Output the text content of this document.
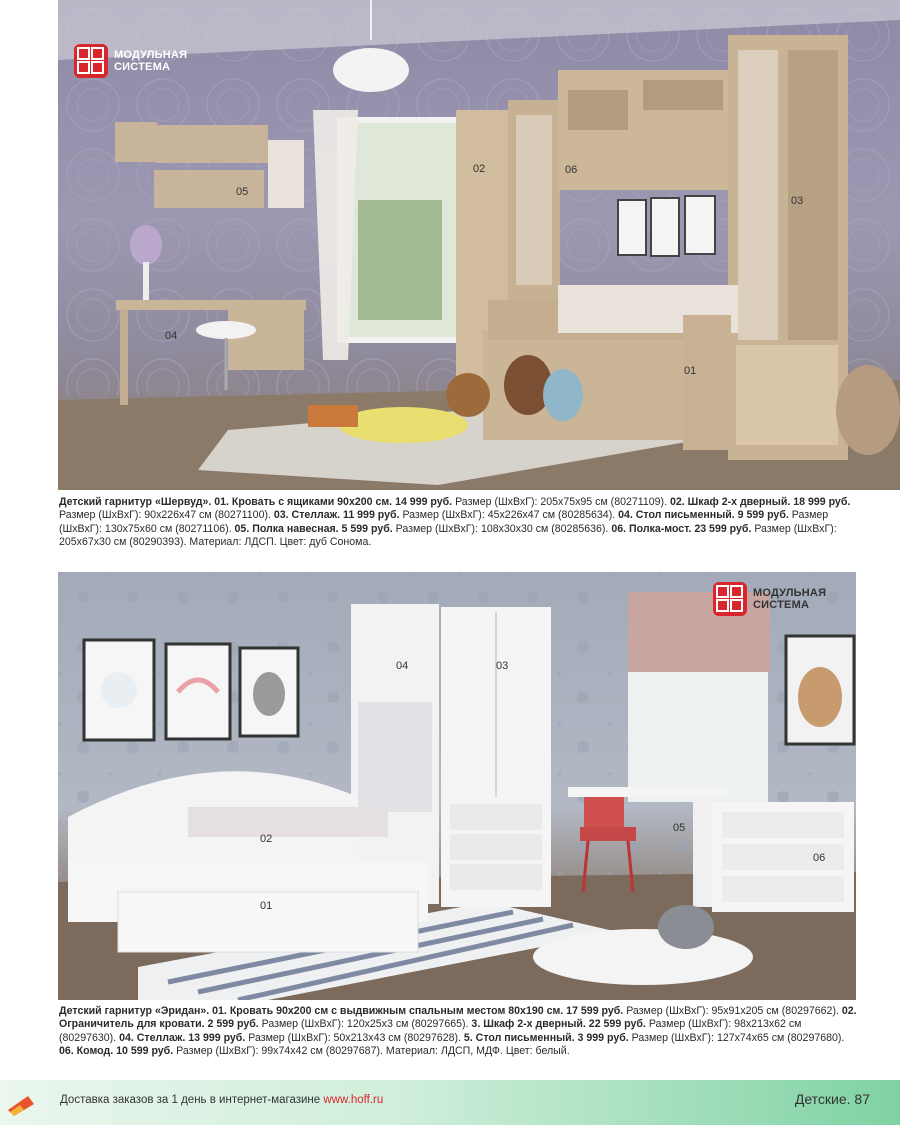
МОДУЛЬНАЯ
СИСТЕМА
02	06
03
05
04
01
Детский гарнитур «Шервуд». 01. Кровать с ящиками 90х200 см. 14 999 руб. Размер (ШхВхГ): 205х75х95 см (80271109). 02. Шкаф 2-х дверный. 18 999 руб. Размер (ШхВхГ): 90х226х47 см (80271100). 03. Стеллаж. 11 999 руб. Размер (ШхВхГ): 45х226х47 см (80285634). 04. Стол письменный. 9 599 руб. Размер (ШхВхГ): 130х75х60 см (80271106). 05. Полка навесная. 5 599 руб. Размер (ШхВхГ): 108х30х30 см (80285636). 06. Полка-мост. 23 599 руб. Размер (ШхВхГ): 205х67х30 см (80290393). Материал: ЛДСП. Цвет: дуб Сонома.
МОДУЛЬНАЯ
СИСТЕМА
04	03
02
05
06
01
Детский гарнитур «Эридан». 01. Кровать 90х200 см с выдвижным спальным местом 80х190 см. 17 599 руб. Размер (ШхВхГ): 95х91х205 см (80297662). 02. Ограничитель для кровати. 2 599 руб. Размер (ШхВхГ): 120х25х3 см (80297665). 3. Шкаф 2-х дверный. 22 599 руб. Размер (ШхВхГ): 98х213х62 см (80297630). 04. Стеллаж. 13 999 руб. Размер (ШхВхГ): 50х213х43 см (80297628). 5. Стол письменный. 3 999 руб. Размер (ШхВхГ): 127х74х65 см (80297680). 06. Комод. 10 599 руб. Размер (ШхВхГ): 99х74х42 см (80297687). Материал: ЛДСП, МДФ. Цвет: белый.
Доставка заказов за 1 день в интернет-магазине www.hoff.ru	Детские. 87
